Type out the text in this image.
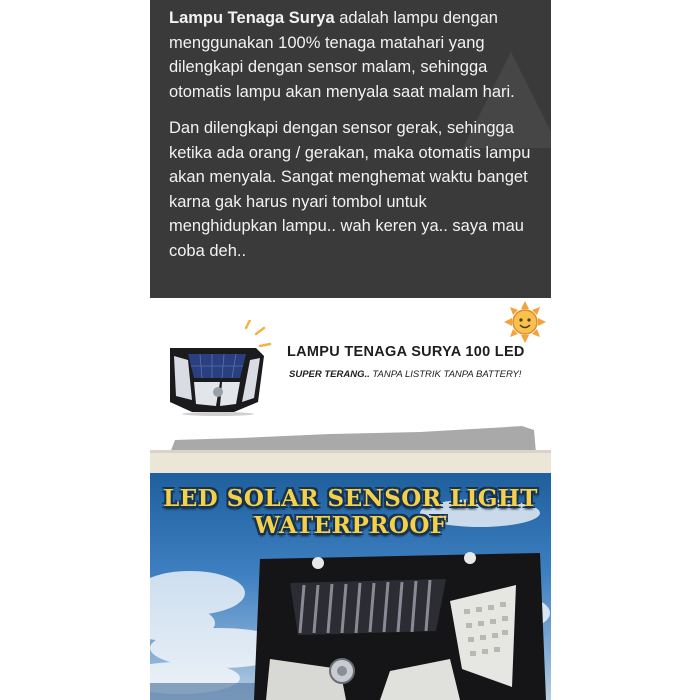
Lampu Tenaga Surya adalah lampu dengan menggunakan 100% tenaga matahari yang dilengkapi dengan sensor malam, sehingga otomatis lampu akan menyala saat malam hari.

Dan dilengkapi dengan sensor gerak, sehingga ketika ada orang / gerakan, maka otomatis lampu akan menyala. Sangat menghemat waktu banget karna gak harus nyari tombol untuk menghidupkan lampu.. wah keren ya.. saya mau coba deh..

LAMPU TENAGA SURYA 100 LED
SUPER TERANG.. TANPA LISTRIK TANPA BATTERY!
LED SOLAR SENSOR LIGHT
WATERPROOF
